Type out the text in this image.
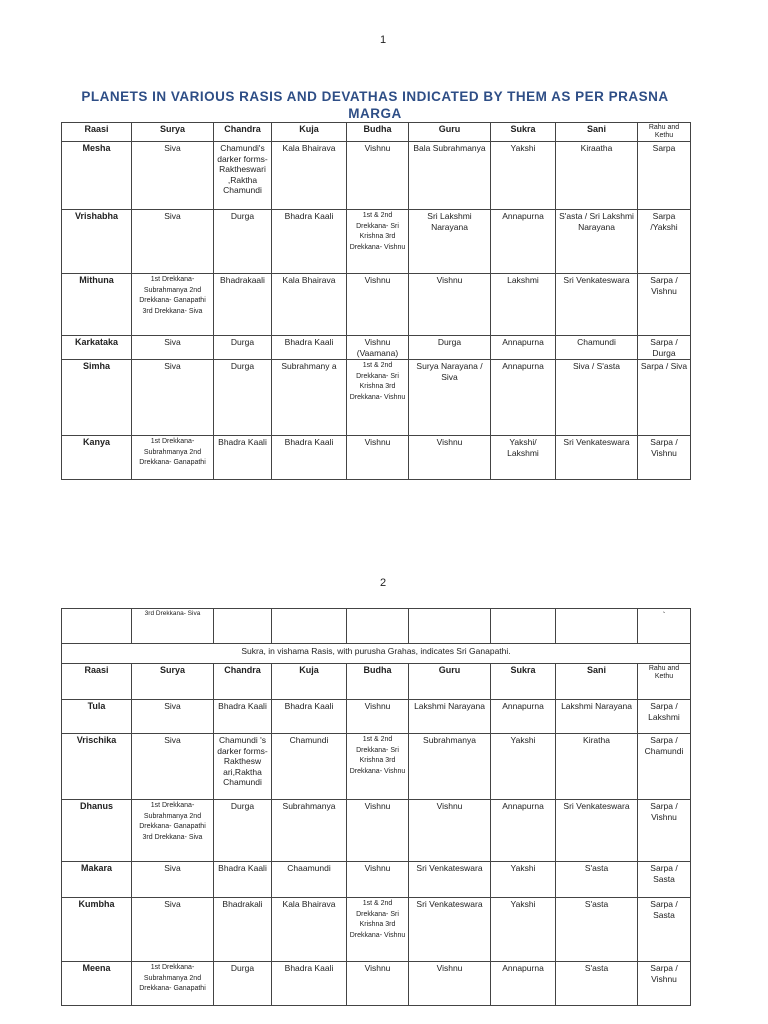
1
PLANETS IN VARIOUS RASIS AND DEVATHAS INDICATED BY THEM AS PER PRASNA MARGA
Raasi	Surya	Chandra	Kuja	Budha	Guru	Sukra	Sani	Rahu and Kethu
Mesha	Siva	Chamundi's darker forms- Raktheswari ,Raktha Chamundi	Kala Bhairava	Vishnu	Bala Subrahmanya	Yakshi	Kiraatha	Sarpa
Vrishabha	Siva	Durga	Bhadra Kaali	1st & 2nd Drekkana- Sri Krishna 3rd Drekkana- Vishnu	Sri Lakshmi Narayana	Annapurna	S'asta / Sri Lakshmi Narayana	Sarpa /Yakshi
Mithuna	1st Drekkana- Subrahmanya 2nd Drekkana- Ganapathi 3rd Drekkana- Siva	Bhadrakaali	Kala Bhairava	Vishnu	Vishnu	Lakshmi	Sri Venkateswara	Sarpa / Vishnu
Karkataka	Siva	Durga	Bhadra Kaali	Vishnu (Vaamana)	Durga	Annapurna	Chamundi	Sarpa / Durga
Simha	Siva	Durga	Subrahmany a	1st & 2nd Drekkana- Sri Krishna 3rd Drekkana- Vishnu	Surya Narayana / Siva	Annapurna	Siva / S'asta	Sarpa / Siva
Kanya	1st Drekkana- Subrahmanya 2nd Drekkana- Ganapathi	Bhadra Kaali	Bhadra Kaali	Vishnu	Vishnu	Yakshi/ Lakshmi	Sri Venkateswara	Sarpa / Vishnu
2

	3rd Drekkana- Siva							`
Sukra, in vishama Rasis, with purusha Grahas, indicates Sri Ganapathi.								
Raasi	Surya	Chandra	Kuja	Budha	Guru	Sukra	Sani	Rahu and Kethu
Tula	Siva	Bhadra Kaali	Bhadra Kaali	Vishnu	Lakshmi Narayana	Annapurna	Lakshmi Narayana	Sarpa / Lakshmi
Vrischika	Siva	Chamundi 's darker forms- Rakthesw ari,Raktha Chamundi	Chamundi	1st & 2nd Drekkana- Sri Krishna 3rd Drekkana- Vishnu	Subrahmanya	Yakshi	Kiratha	Sarpa / Chamundi
Dhanus	1st Drekkana- Subrahmanya 2nd Drekkana- Ganapathi 3rd Drekkana- Siva	Durga	Subrahmanya	Vishnu	Vishnu	Annapurna	Sri Venkateswara	Sarpa / Vishnu
Makara	Siva	Bhadra Kaali	Chaamundi	Vishnu	Sri Venkateswara	Yakshi	S'asta	Sarpa / Sasta
Kumbha	Siva	Bhadrakali	Kala Bhairava	1st & 2nd Drekkana- Sri Krishna 3rd Drekkana- Vishnu	Sri Venkateswara	Yakshi	S'asta	Sarpa / Sasta
Meena	1st Drekkana- Subrahmanya 2nd Drekkana- Ganapathi	Durga	Bhadra Kaali	Vishnu	Vishnu	Annapurna	S'asta	Sarpa / Vishnu
